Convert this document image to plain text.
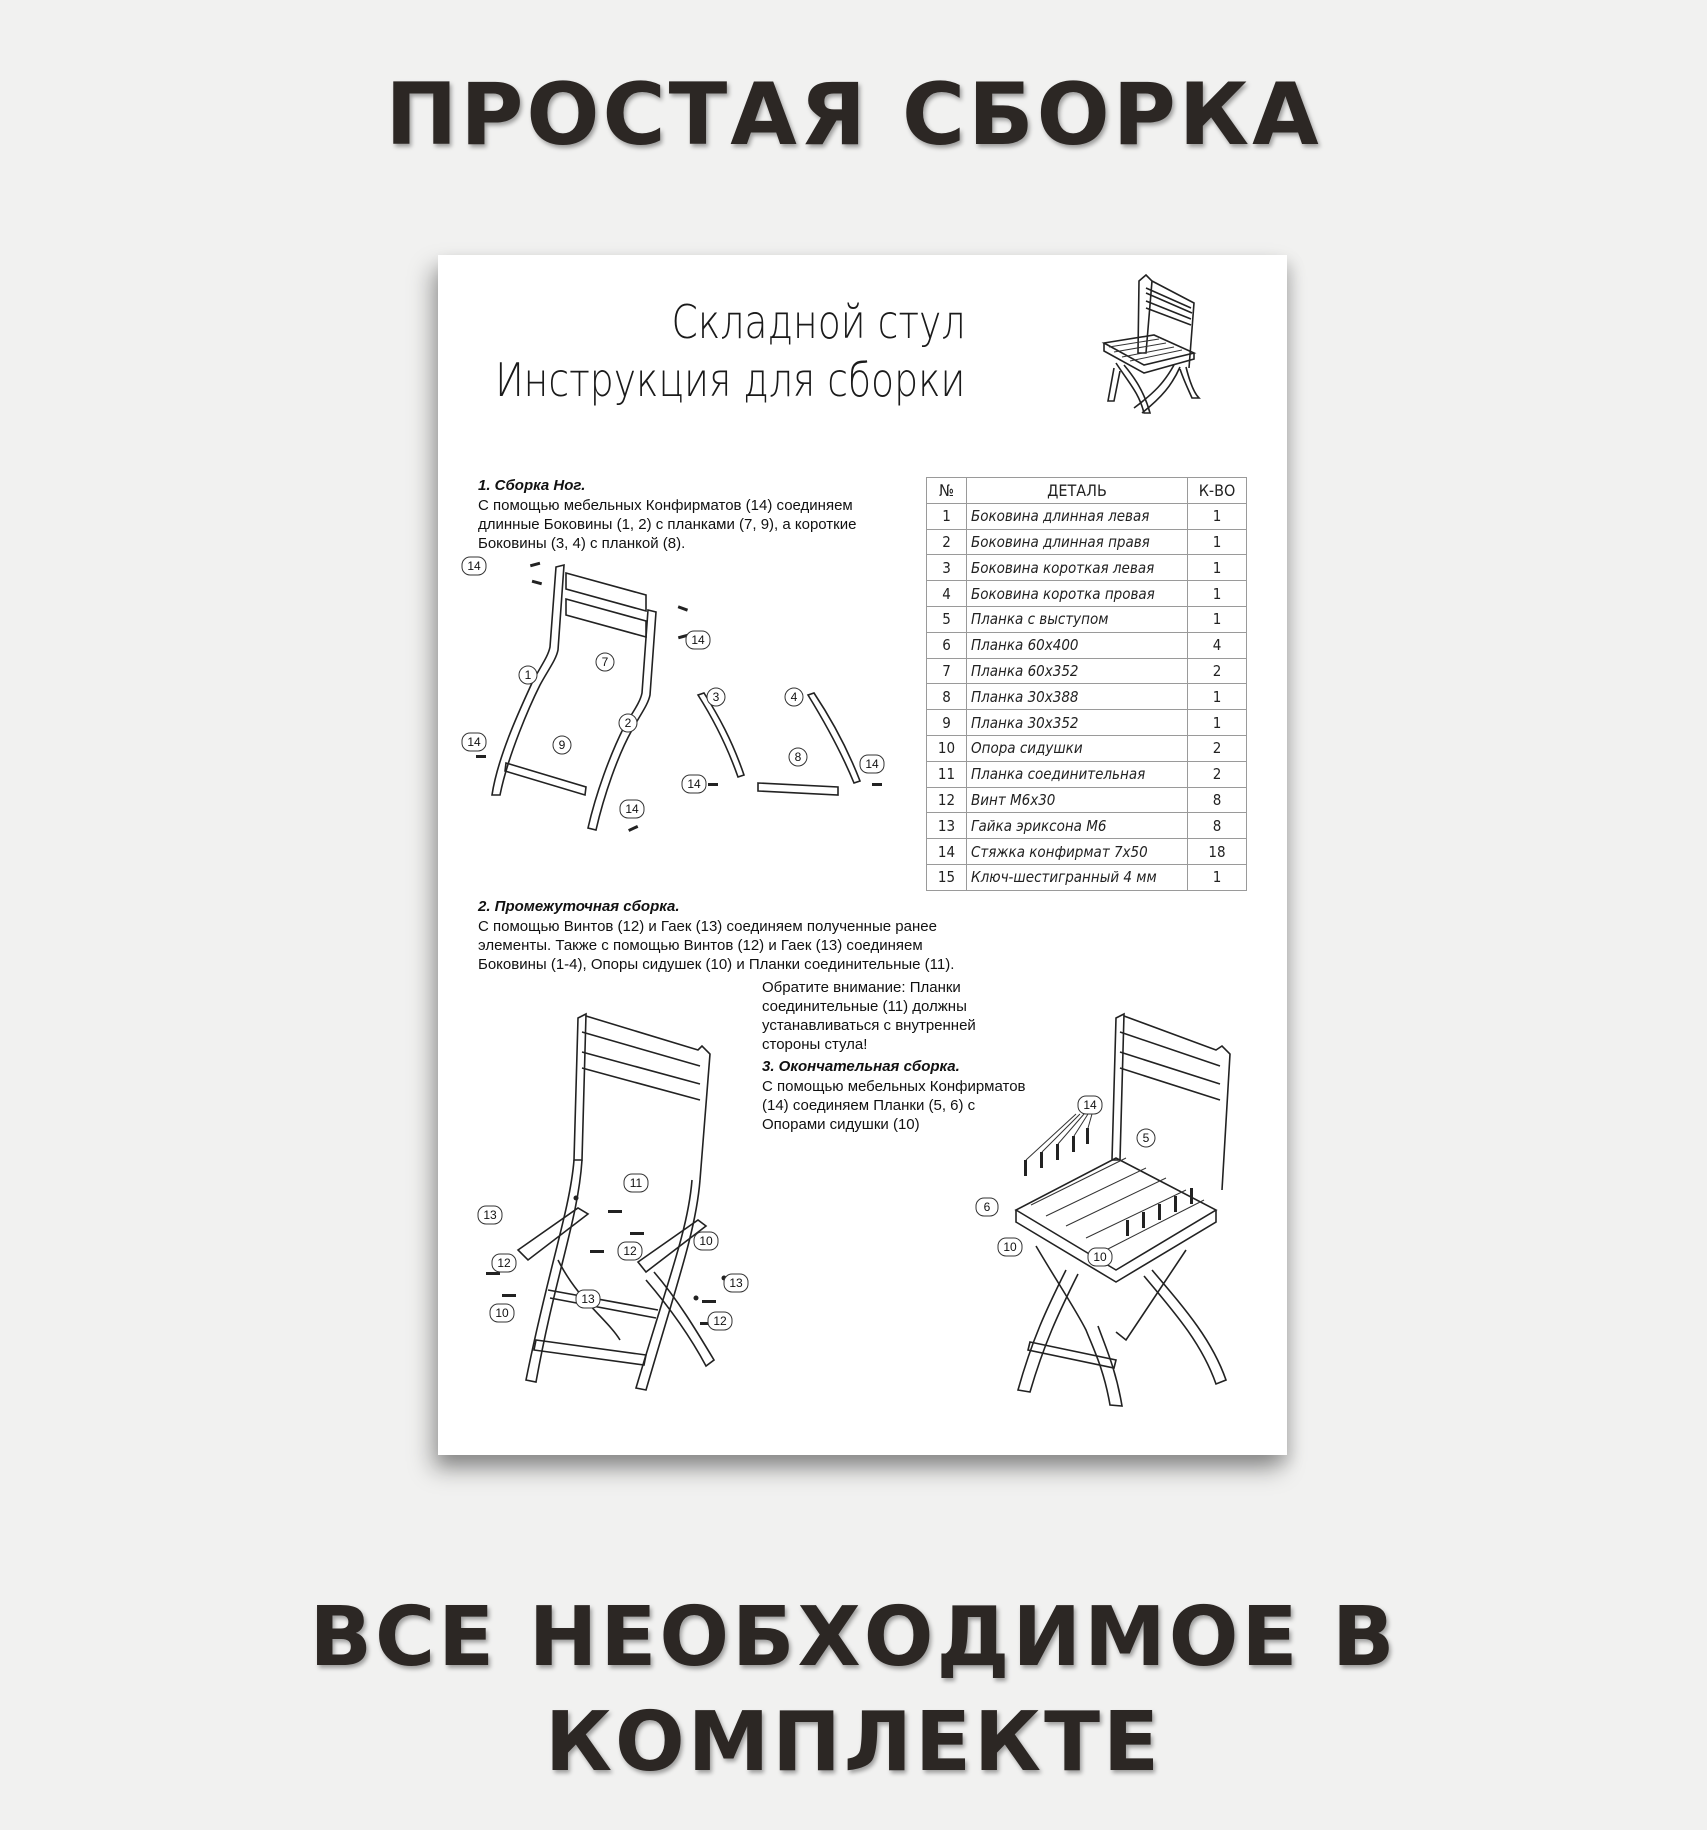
ПРОСТАЯ СБОРКА
Складной стул
Инструкция для сборки
1. Сборка Ног.
С помощью мебельных Конфирматов (14) соединяем
длинные Боковины (1, 2) с планками (7, 9), а короткие
Боковины (3, 4) с планкой (8).
№	ДЕТАЛЬ	К-ВО
1	Боковина длинная левая	1
2	Боковина длинная правя	1
3	Боковина короткая левая	1
4	Боковина коротка провая	1
5	Планка с выступом	1
6	Планка 60х400	4
7	Планка 60х352	2
8	Планка 30х388	1
9	Планка 30х352	1
10	Опора сидушки	2
11	Планка соединительная	2
12	Винт М6х30	8
13	Гайка эриксона М6	8
14	Стяжка конфирмат 7х50	18
15	Ключ-шестигранный 4 мм	1
14
7
14
1
2
14	9
14
3	4
8
14
14
2. Промежуточная сборка.
С помощью Винтов (12) и Гаек (13) соединяем полученные ранее
элементы. Также с помощью Винтов (12) и Гаек (13) соединяем
Боковины (1-4), Опоры сидушек (10) и Планки соединительные (11).
Обратите внимание: Планки
соединительные (11) должны
устанавливаться с внутренней
стороны стула!
3. Окончательная сборка.
С помощью мебельных Конфирматов
(14) соединяем Планки (5, 6) с
Опорами сидушки (10)
11
13
12
10
12
13
13
10
12
14
5
6
10
10
ВСЕ НЕОБХОДИМОЕ В
КОМПЛЕКТЕ
